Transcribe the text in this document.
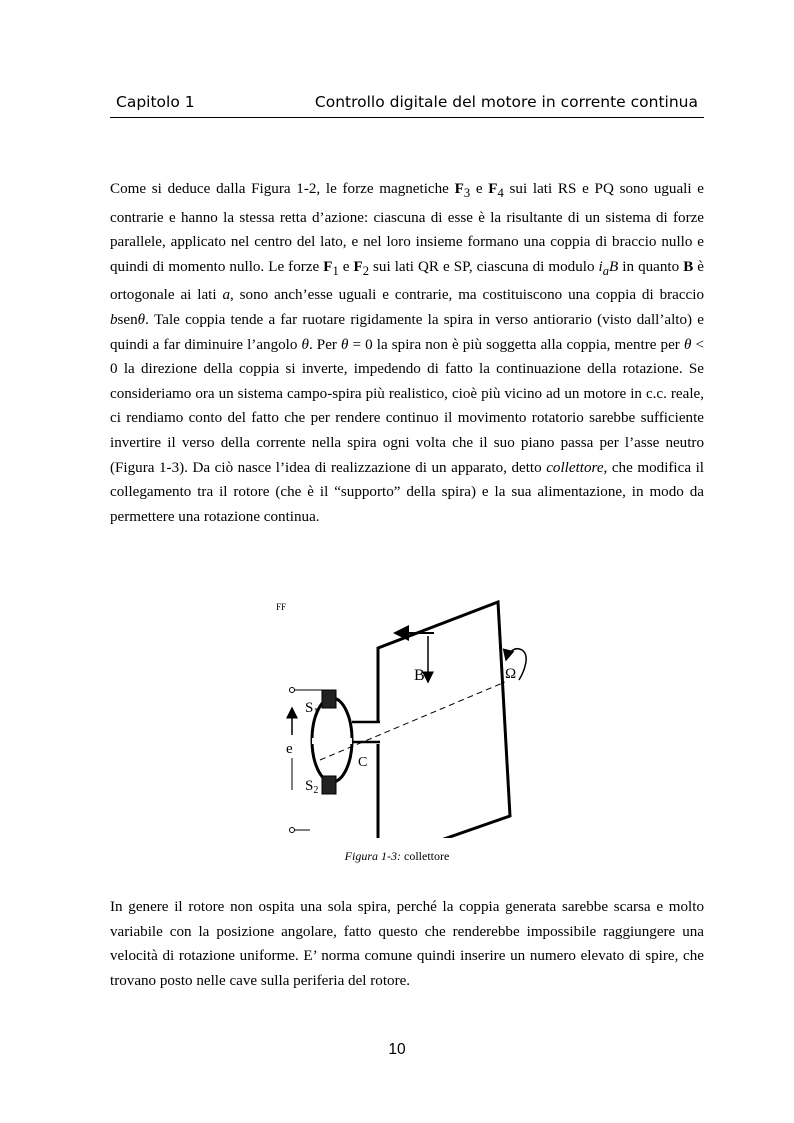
Capitolo 1	Controllo digitale del motore in corrente continua

Come si deduce dalla Figura 1-2, le forze magnetiche $F_3$ e $F_4$ sui lati RS e PQ sono uguali e contrarie e hanno la stessa retta d’azione: ciascuna di esse è la risultante di un sistema di forze parallele, applicato nel centro del lato, e nel loro insieme formano una coppia di braccio nullo e quindi di momento nullo. Le forze $F_1$ e $F_2$ sui lati QR e SP, ciascuna di modulo $i_aB$ in quanto B è ortogonale ai lati a, sono anch’esse uguali e contrarie, ma costituiscono una coppia di braccio bsenθ. Tale coppia tende a far ruotare rigidamente la spira in verso antiorario (visto dall’alto) e quindi a far diminuire l’angolo θ. Per θ = 0 la spira non è più soggetta alla coppia, mentre per θ < 0 la direzione della coppia si inverte, impedendo di fatto la continuazione della rotazione. Se consideriamo ora un sistema campo-spira più realistico, cioè più vicino ad un motore in c.c. reale, ci rendiamo conto del fatto che per rendere continuo il movimento rotatorio sarebbe sufficiente invertire il verso della corrente nella spira ogni volta che il suo piano passa per l’asse neutro (Figura 1-3). Da ciò nasce l’idea di realizzazione di un apparato, detto collettore, che modifica il collegamento tra il rotore (che è il “supporto” della spira) e la sua alimentazione, in modo da permettere una rotazione continua.

FF
B	Ω
e
$S_1$
$S_2$
C
Figura 1-3: collettore

In genere il rotore non ospita una sola spira, perché la coppia generata sarebbe scarsa e molto variabile con la posizione angolare, fatto questo che renderebbe impossibile raggiungere una velocità di rotazione uniforme. E’ norma comune quindi inserire un numero elevato di spire, che trovano posto nelle cave sulla periferia del rotore.

10
